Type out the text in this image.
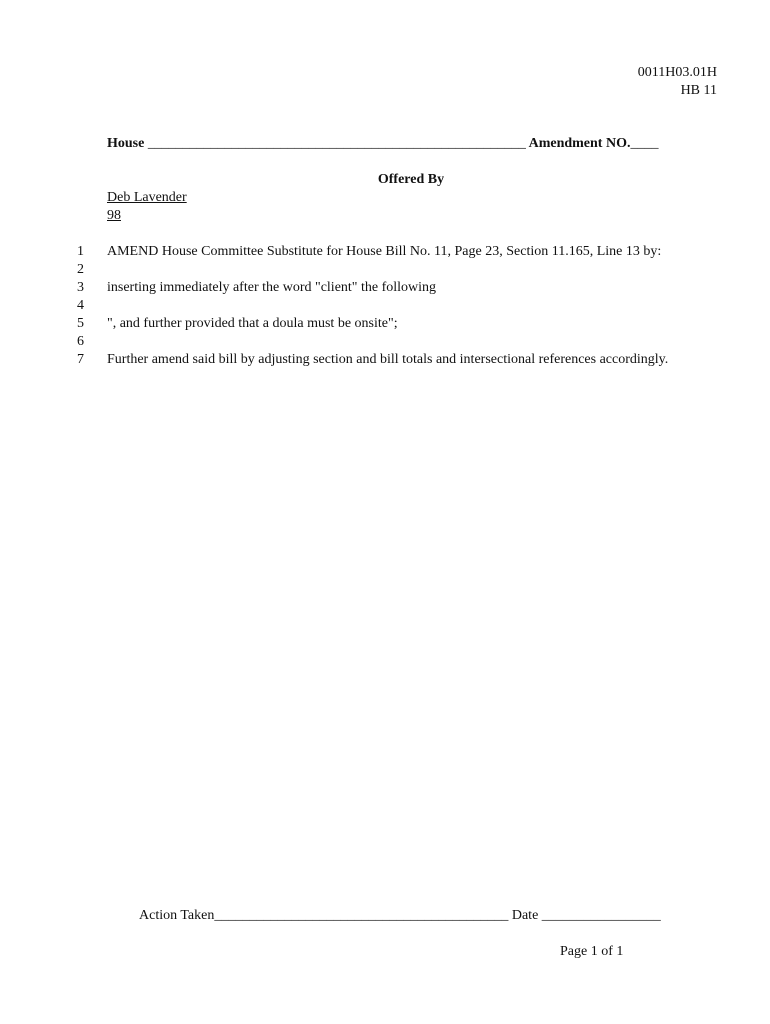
0011H03.01H
HB 11
House ______________________________________________________ Amendment NO.____
Offered By
Deb Lavender
98
1 AMEND House Committee Substitute for House Bill No. 11, Page 23, Section 11.165, Line 13 by:
2
3 inserting immediately after the word "client" the following
4
5 ", and further provided that a doula must be onsite";
6
7 Further amend said bill by adjusting section and bill totals and intersectional references accordingly.
Action Taken__________________________________________ Date _________________
Page 1 of 1
